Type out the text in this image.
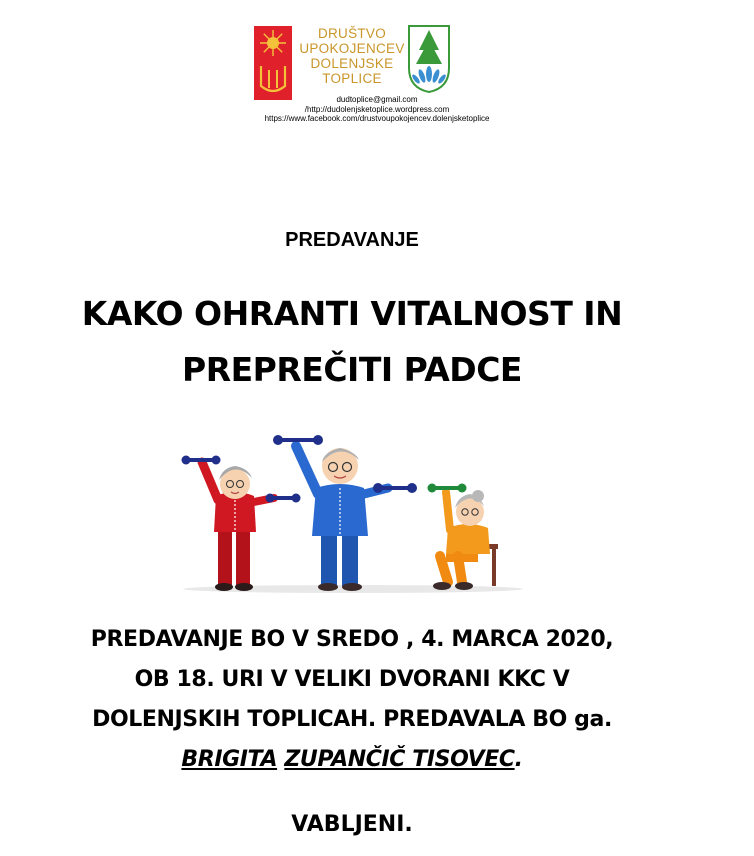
DRUŠTVO
UPOKOJENCEV
DOLENJSKE
TOPLICE
dudtoplice@gmail.com
/http://dudolenjsketoplice.wordpress.com
https://www.facebook.com/drustvoupokojencev.dolenjsketoplice
PREDAVANJE
KAKO OHRANTI VITALNOST IN
PREPREČITI PADCE
PREDAVANJE BO V SREDO , 4. MARCA 2020,
OB 18. URI V VELIKI DVORANI KKC V
DOLENJSKIH TOPLICAH. PREDAVALA BO ga.
BRIGITA ZUPANČIČ TISOVEC.
VABLJENI.
